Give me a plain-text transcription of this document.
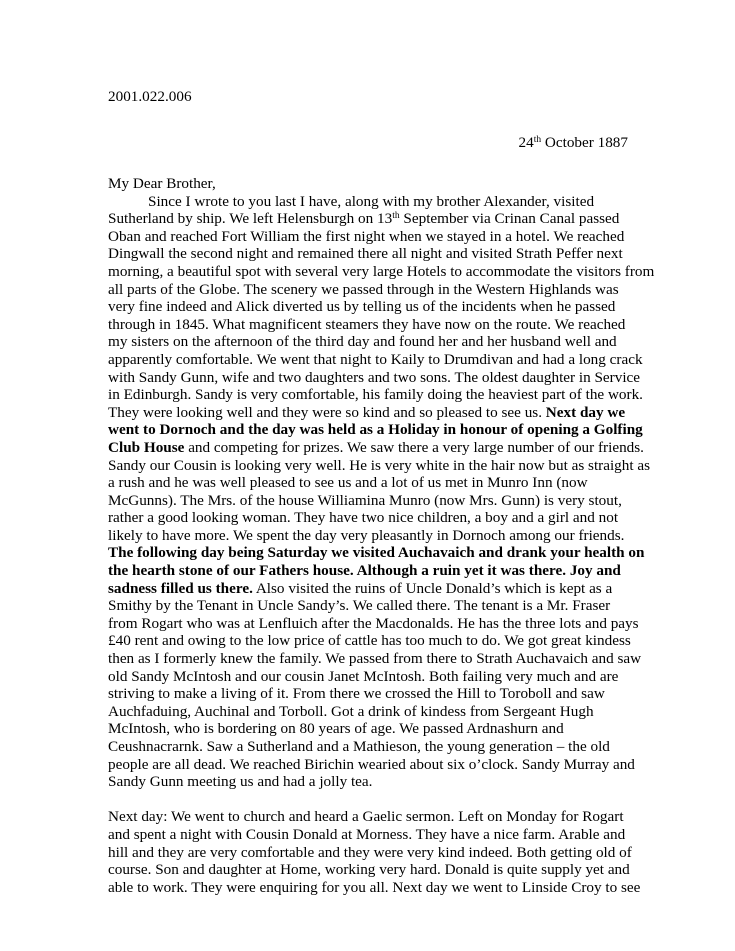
2001.022.006
24th October 1887
My Dear Brother,
Since I wrote to you last I have, along with my brother Alexander, visited
Sutherland by ship. We left Helensburgh on 13th September via Crinan Canal passed
Oban and reached Fort William the first night when we stayed in a hotel. We reached
Dingwall the second night and remained there all night and visited Strath Peffer next
morning, a beautiful spot with several very large Hotels to accommodate the visitors from
all parts of the Globe. The scenery we passed through in the Western Highlands was
very fine indeed and Alick diverted us by telling us of the incidents when he passed
through in 1845. What magnificent steamers they have now on the route. We reached
my sisters on the afternoon of the third day and found her and her husband well and
apparently comfortable. We went that night to Kaily to Drumdivan and had a long crack
with Sandy Gunn, wife and two daughters and two sons. The oldest daughter in Service
in Edinburgh. Sandy is very comfortable, his family doing the heaviest part of the work.
They were looking well and they were so kind and so pleased to see us. Next day we
went to Dornoch and the day was held as a Holiday in honour of opening a Golfing
Club House and competing for prizes. We saw there a very large number of our friends.
Sandy our Cousin is looking very well. He is very white in the hair now but as straight as
a rush and he was well pleased to see us and a lot of us met in Munro Inn (now
McGunns). The Mrs. of the house Williamina Munro (now Mrs. Gunn) is very stout,
rather a good looking woman. They have two nice children, a boy and a girl and not
likely to have more. We spent the day very pleasantly in Dornoch among our friends.
The following day being Saturday we visited Auchavaich and drank your health on
the hearth stone of our Fathers house. Although a ruin yet it was there. Joy and
sadness filled us there. Also visited the ruins of Uncle Donald’s which is kept as a
Smithy by the Tenant in Uncle Sandy’s. We called there. The tenant is a Mr. Fraser
from Rogart who was at Lenfluich after the Macdonalds. He has the three lots and pays
£40 rent and owing to the low price of cattle has too much to do. We got great kindess
then as I formerly knew the family. We passed from there to Strath Auchavaich and saw
old Sandy McIntosh and our cousin Janet McIntosh. Both failing very much and are
striving to make a living of it. From there we crossed the Hill to Toroboll and saw
Auchfaduing, Auchinal and Torboll. Got a drink of kindess from Sergeant Hugh
McIntosh, who is bordering on 80 years of age. We passed Ardnashurn and
Ceushnacrarnk. Saw a Sutherland and a Mathieson, the young generation – the old
people are all dead. We reached Birichin wearied about six o’clock. Sandy Murray and
Sandy Gunn meeting us and had a jolly tea.
Next day: We went to church and heard a Gaelic sermon. Left on Monday for Rogart
and spent a night with Cousin Donald at Morness. They have a nice farm. Arable and
hill and they are very comfortable and they were very kind indeed. Both getting old of
course. Son and daughter at Home, working very hard. Donald is quite supply yet and
able to work. They were enquiring for you all. Next day we went to Linside Croy to see
